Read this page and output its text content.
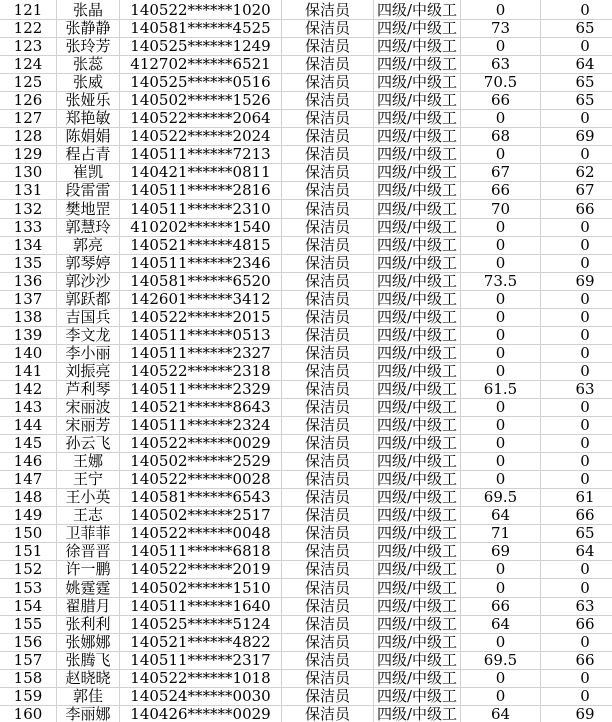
121	张晶	140522******1020	保洁员	四级/中级工	0	0
122	张静静	140581******4525	保洁员	四级/中级工	73	65
123	张玲芳	140525******1249	保洁员	四级/中级工	0	0
124	张蕊	412702******6521	保洁员	四级/中级工	63	64
125	张威	140525******0516	保洁员	四级/中级工	70.5	65
126	张娅乐	140502******1526	保洁员	四级/中级工	66	65
127	郑艳敏	140522******2064	保洁员	四级/中级工	0	0
128	陈娟娟	140522******2024	保洁员	四级/中级工	68	69
129	程占青	140511******7213	保洁员	四级/中级工	0	0
130	崔凯	140421******0811	保洁员	四级/中级工	67	62
131	段雷雷	140511******2816	保洁员	四级/中级工	66	67
132	樊地罡	140511******2310	保洁员	四级/中级工	70	66
133	郭慧玲	410202******1540	保洁员	四级/中级工	0	0
134	郭亮	140521******4815	保洁员	四级/中级工	0	0
135	郭琴婷	140511******2346	保洁员	四级/中级工	0	0
136	郭沙沙	140581******6520	保洁员	四级/中级工	73.5	69
137	郭跃都	142601******3412	保洁员	四级/中级工	0	0
138	吉国兵	140522******2015	保洁员	四级/中级工	0	0
139	李文龙	140511******0513	保洁员	四级/中级工	0	0
140	李小丽	140511******2327	保洁员	四级/中级工	0	0
141	刘振亮	140522******2318	保洁员	四级/中级工	0	0
142	芦利琴	140511******2329	保洁员	四级/中级工	61.5	63
143	宋丽波	140521******8643	保洁员	四级/中级工	0	0
144	宋丽芳	140511******2324	保洁员	四级/中级工	0	0
145	孙云飞	140522******0029	保洁员	四级/中级工	0	0
146	王娜	140502******2529	保洁员	四级/中级工	0	0
147	王宁	140522******0028	保洁员	四级/中级工	0	0
148	王小英	140581******6543	保洁员	四级/中级工	69.5	61
149	王志	140502******2517	保洁员	四级/中级工	64	66
150	卫菲菲	140522******0048	保洁员	四级/中级工	71	65
151	徐晋晋	140511******6818	保洁员	四级/中级工	69	64
152	许一鹏	140522******2019	保洁员	四级/中级工	0	0
153	姚霆霆	140502******1510	保洁员	四级/中级工	0	0
154	翟腊月	140511******1640	保洁员	四级/中级工	66	63
155	张利利	140525******5124	保洁员	四级/中级工	64	66
156	张娜娜	140521******4822	保洁员	四级/中级工	0	0
157	张腾飞	140511******2317	保洁员	四级/中级工	69.5	66
158	赵晓晓	140522******1018	保洁员	四级/中级工	0	0
159	郭佳	140524******0030	保洁员	四级/中级工	0	0
160	李丽娜	140426******0029	保洁员	四级/中级工	64	69
